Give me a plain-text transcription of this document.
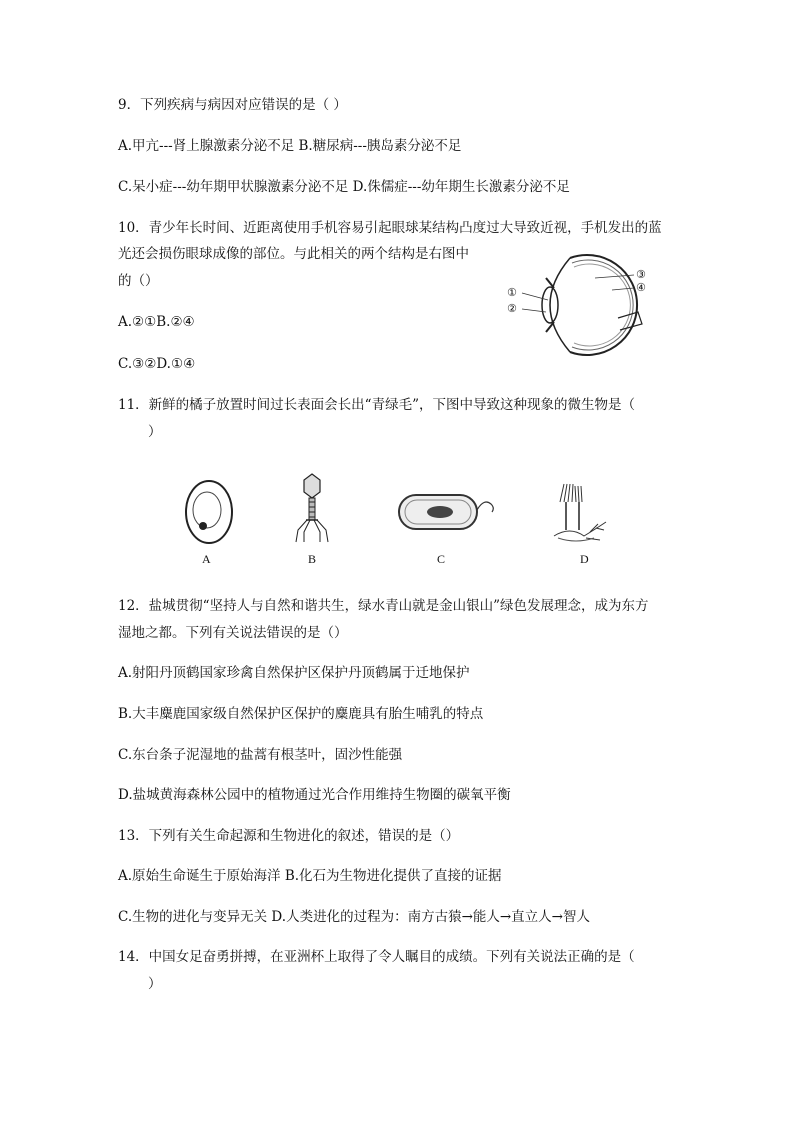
9．下列疾病与病因对应错误的是（ ）
A.甲亢---肾上腺激素分泌不足 B.糖尿病---胰岛素分泌不足
C.呆小症---幼年期甲状腺激素分泌不足 D.侏儒症---幼年期生长激素分泌不足
10．青少年长时间、近距离使用手机容易引起眼球某结构凸度过大导致近视，手机发出的蓝
光还会损伤眼球成像的部位。与此相关的两个结构是右图中
的（）
A.②①B.②④
C.③②D.①④
①
②
③
④
11．新鲜的橘子放置时间过长表面会长出“青绿毛”，下图中导致这种现象的微生物是（
）
A	B	C	D
12．盐城贯彻“坚持人与自然和谐共生，绿水青山就是金山银山”绿色发展理念，成为东方
湿地之都。下列有关说法错误的是（）
A.射阳丹顶鹤国家珍禽自然保护区保护丹顶鹤属于迁地保护
B.大丰麋鹿国家级自然保护区保护的麋鹿具有胎生哺乳的特点
C.东台条子泥湿地的盐蒿有根茎叶，固沙性能强
D.盐城黄海森林公园中的植物通过光合作用维持生物圈的碳氧平衡
13．下列有关生命起源和生物进化的叙述，错误的是（）
A.原始生命诞生于原始海洋 B.化石为生物进化提供了直接的证据
C.生物的进化与变异无关 D.人类进化的过程为：南方古猿→能人→直立人→智人
14．中国女足奋勇拼搏，在亚洲杯上取得了令人瞩目的成绩。下列有关说法正确的是（
）
